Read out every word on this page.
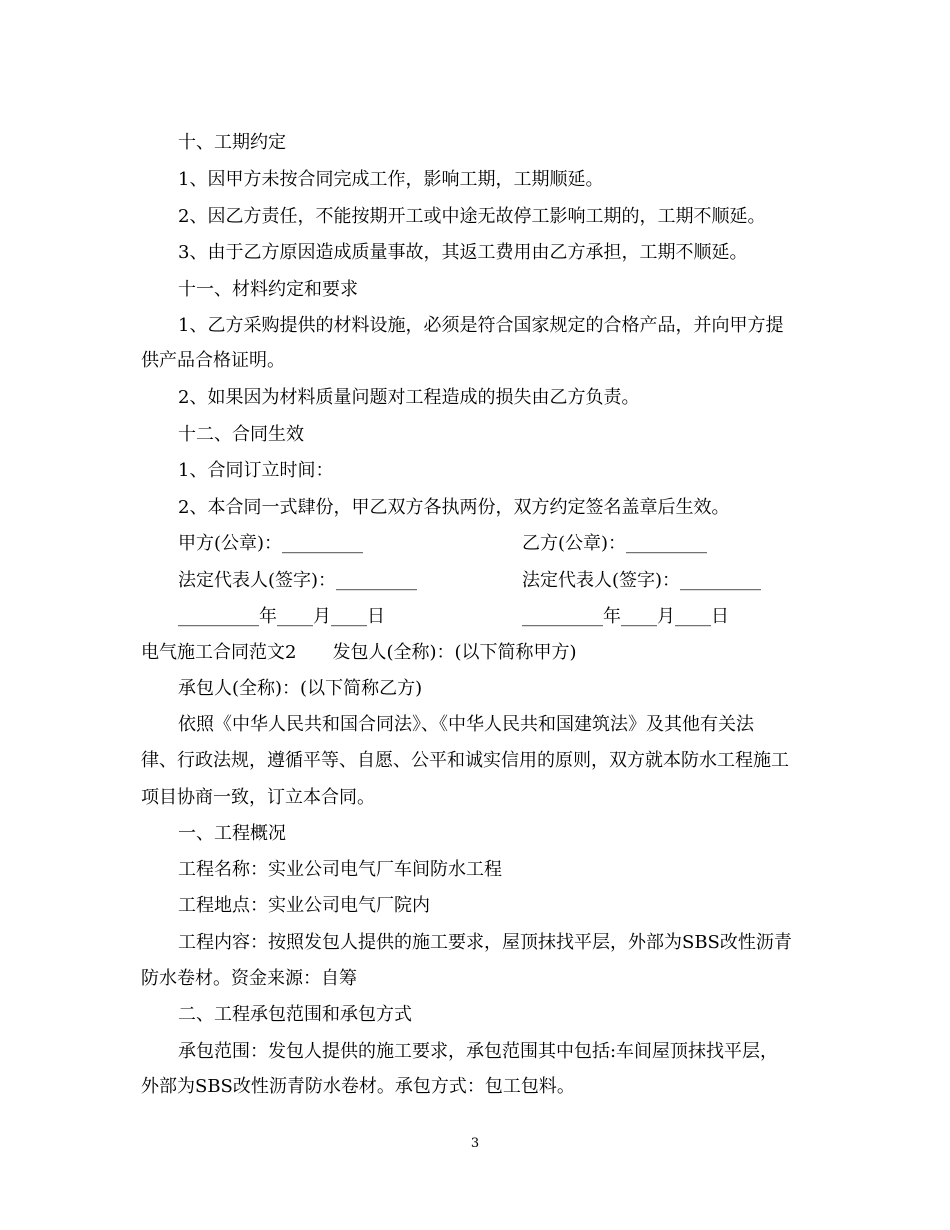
十、工期约定
1、因甲方未按合同完成工作，影响工期，工期顺延。
2、因乙方责任，不能按期开工或中途无故停工影响工期的，工期不顺延。
3、由于乙方原因造成质量事故，其返工费用由乙方承担，工期不顺延。
十一、材料约定和要求
1、乙方采购提供的材料设施，必须是符合国家规定的合格产品，并向甲方提
供产品合格证明。
2、如果因为材料质量问题对工程造成的损失由乙方负责。
十二、合同生效
1、合同订立时间：
2、本合同一式肆份，甲乙双方各执两份，双方约定签名盖章后生效。
甲方(公章)：_________	乙方(公章)：_________
法定代表人(签字)：_________	法定代表人(签字)：_________
_________年____月____日	_________年____月____日
电气施工合同范文2　　发包人(全称)：(以下简称甲方)
承包人(全称)：(以下简称乙方)
依照《中华人民共和国合同法》、《中华人民共和国建筑法》及其他有关法
律、行政法规，遵循平等、自愿、公平和诚实信用的原则，双方就本防水工程施工
项目协商一致，订立本合同。
一、工程概况
工程名称：实业公司电气厂车间防水工程
工程地点：实业公司电气厂院内
工程内容：按照发包人提供的施工要求，屋顶抹找平层，外部为SBS改性沥青
防水卷材。资金来源：自筹
二、工程承包范围和承包方式
承包范围：发包人提供的施工要求，承包范围其中包括:车间屋顶抹找平层，
外部为SBS改性沥青防水卷材。承包方式：包工包料。
3
